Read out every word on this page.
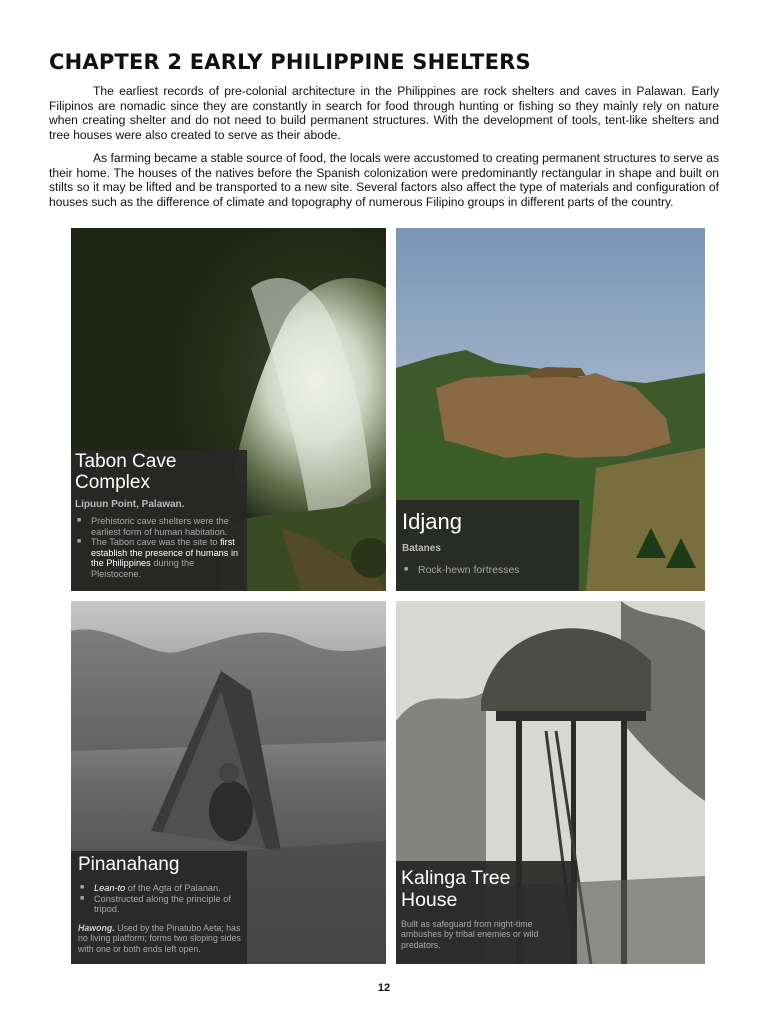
CHAPTER 2 EARLY PHILIPPINE SHELTERS

The earliest records of pre-colonial architecture in the Philippines are rock shelters and caves in Palawan. Early Filipinos are nomadic since they are constantly in search for food through hunting or fishing so they mainly rely on nature when creating shelter and do not need to build permanent structures. With the development of tools, tent-like shelters and tree houses were also created to serve as their abode.

As farming became a stable source of food, the locals were accustomed to creating permanent structures to serve as their home. The houses of the natives before the Spanish colonization were predominantly rectangular in shape and built on stilts so it may be lifted and be transported to a new site. Several factors also affect the type of materials and configuration of houses such as the difference of climate and topography of numerous Filipino groups in different parts of the country.

Tabon Cave
Complex
Lipuun Point, Palawan.
■ Prehistoric cave shelters were the earliest form of human habitation.
■ The Tabon cave was the site to first establish the presence of humans in the Philippines during the Pleistocene.
Idjang
Batanes
■ Rock-hewn fortresses
Pinanahang
■ Lean-to of the Agta of Palanan.
■ Constructed along the principle of tripod.
Hawong. Used by the Pinatubo Aeta; has no living platform; forms two sloping sides with one or both ends left open.
Kalinga Tree
House
Built as safeguard from night-time ambushes by tribal enemies or wild predators.
12
